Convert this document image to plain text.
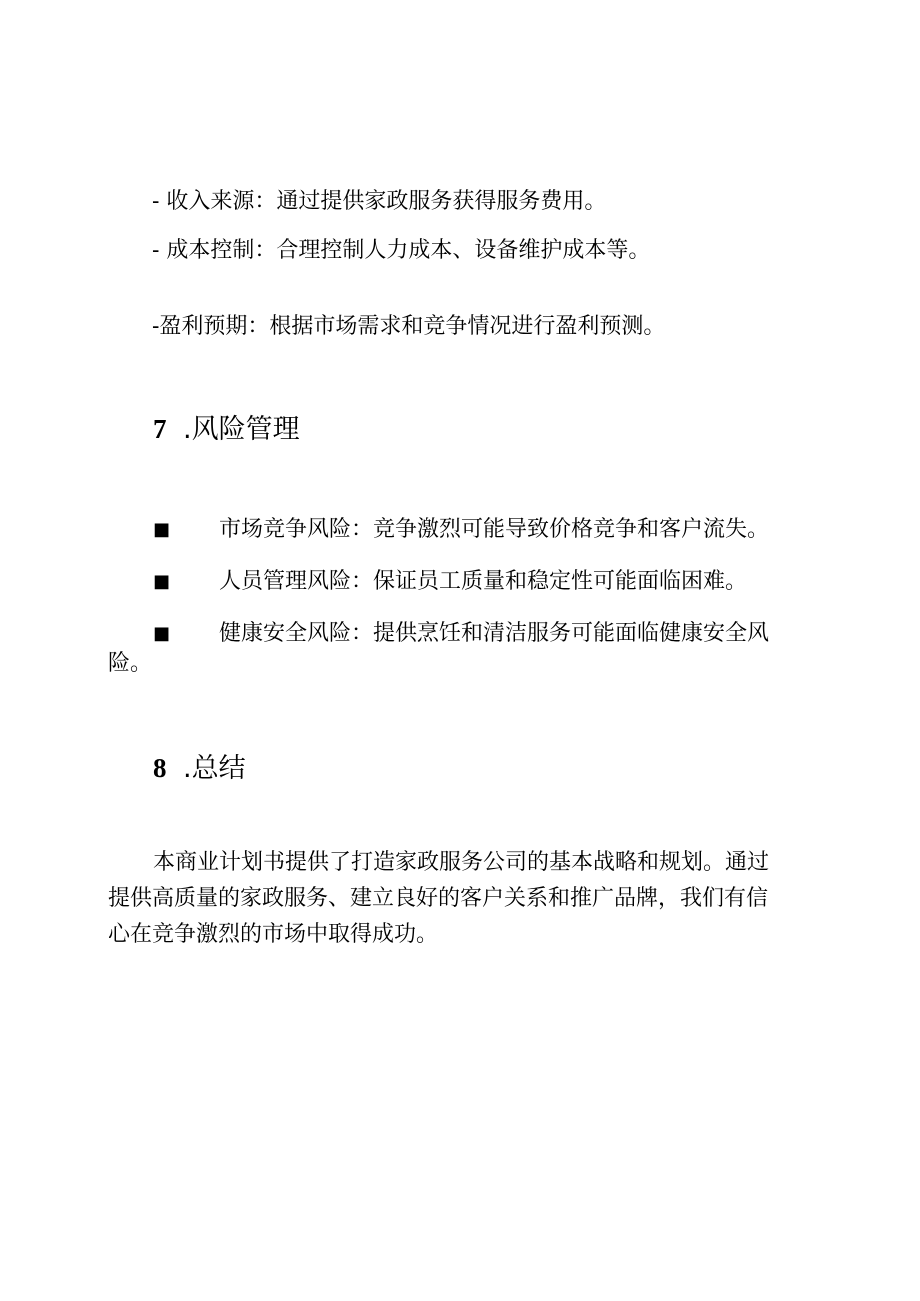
- 收入来源：通过提供家政服务获得服务费用。
- 成本控制：合理控制人力成本、设备维护成本等。
-盈利预期：根据市场需求和竞争情况进行盈利预测。
7 .风险管理
■ 市场竞争风险：竞争激烈可能导致价格竞争和客户流失。
■ 人员管理风险：保证员工质量和稳定性可能面临困难。
■ 健康安全风险：提供烹饪和清洁服务可能面临健康安全风
险。
8 .总结
本商业计划书提供了打造家政服务公司的基本战略和规划。通过
提供高质量的家政服务、建立良好的客户关系和推广品牌，我们有信
心在竞争激烈的市场中取得成功。
